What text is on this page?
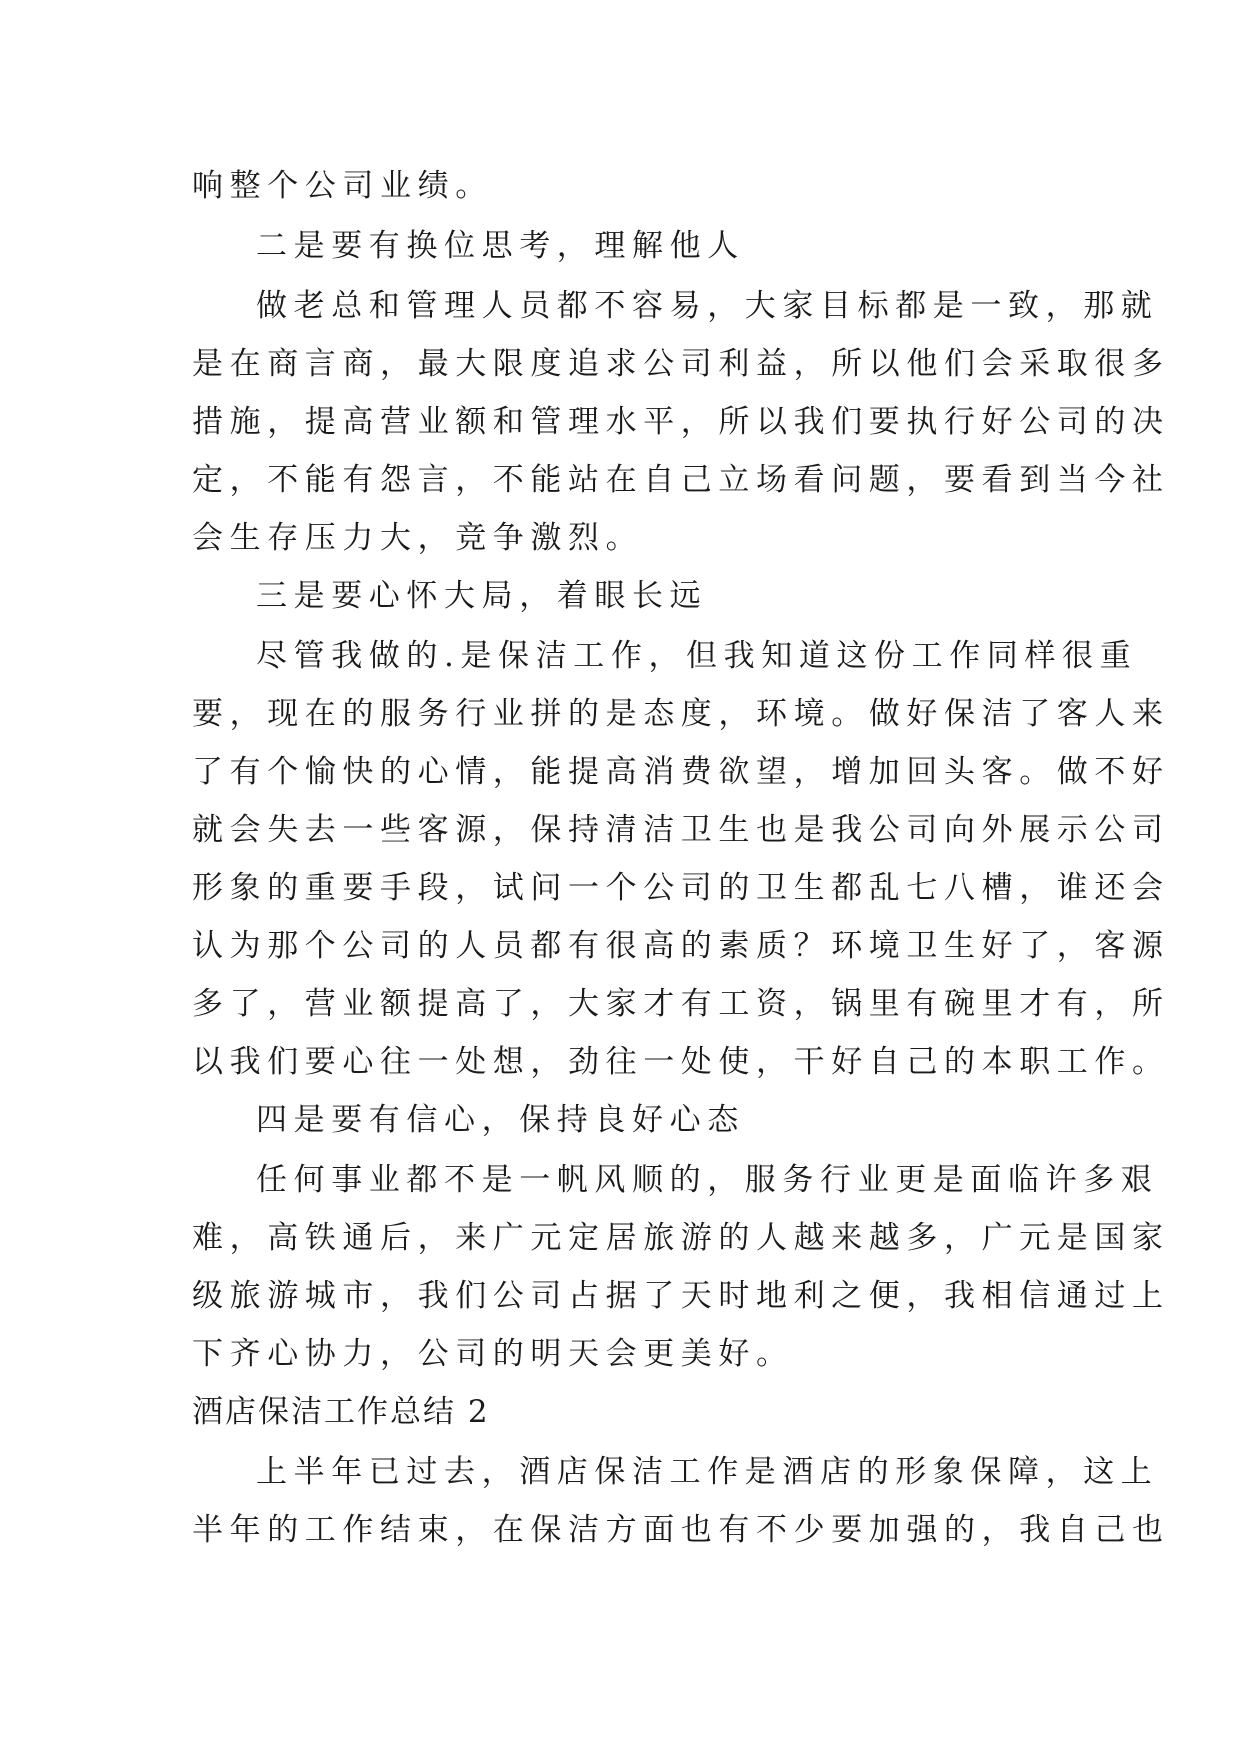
响整个公司业绩。
二是要有换位思考，理解他人
做老总和管理人员都不容易，大家目标都是一致，那就
是在商言商，最大限度追求公司利益，所以他们会采取很多
措施，提高营业额和管理水平，所以我们要执行好公司的决
定，不能有怨言，不能站在自己立场看问题，要看到当今社
会生存压力大，竞争激烈。
三是要心怀大局，着眼长远
尽管我做的.是保洁工作，但我知道这份工作同样很重
要，现在的服务行业拼的是态度，环境。做好保洁了客人来
了有个愉快的心情，能提高消费欲望，增加回头客。做不好
就会失去一些客源，保持清洁卫生也是我公司向外展示公司
形象的重要手段，试问一个公司的卫生都乱七八槽，谁还会
认为那个公司的人员都有很高的素质？环境卫生好了，客源
多了，营业额提高了，大家才有工资，锅里有碗里才有，所
以我们要心往一处想，劲往一处使，干好自己的本职工作。
四是要有信心，保持良好心态
任何事业都不是一帆风顺的，服务行业更是面临许多艰
难，高铁通后，来广元定居旅游的人越来越多，广元是国家
级旅游城市，我们公司占据了天时地利之便，我相信通过上
下齐心协力，公司的明天会更美好。
酒店保洁工作总结 2
上半年已过去，酒店保洁工作是酒店的形象保障，这上
半年的工作结束，在保洁方面也有不少要加强的，我自己也
